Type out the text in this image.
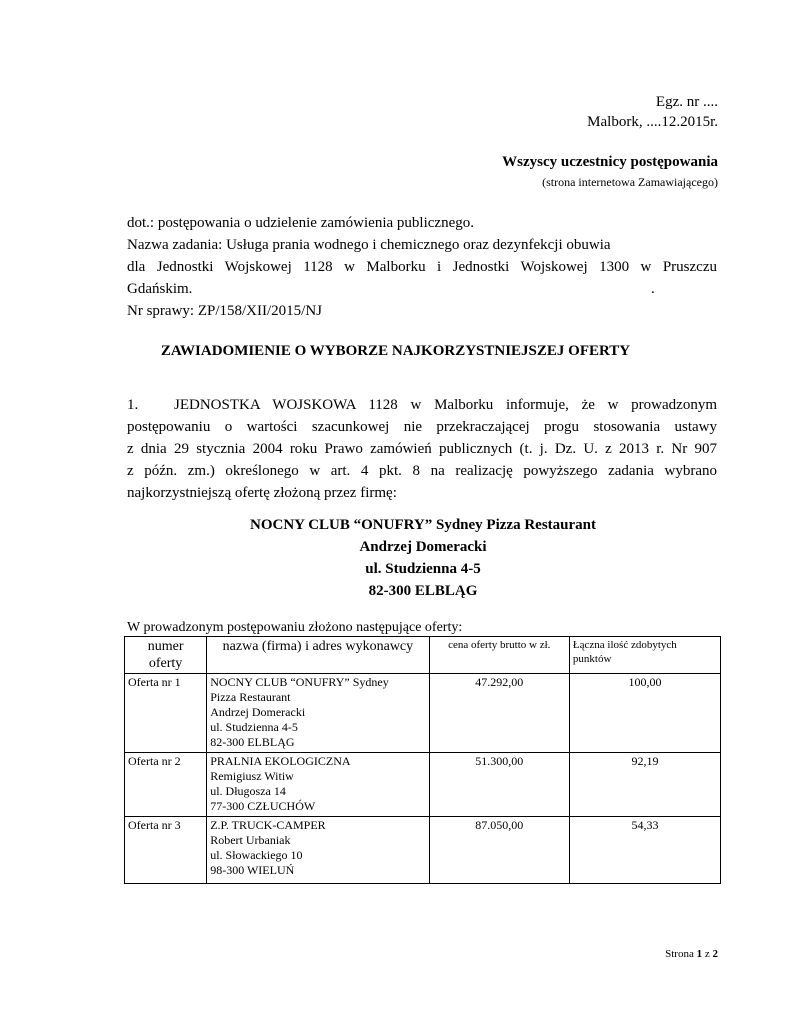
Egz. nr ....
Malbork, ....12.2015r.
Wszyscy uczestnicy postępowania
(strona internetowa Zamawiającego)
dot.: postępowania o udzielenie zamówienia publicznego.
Nazwa zadania: Usługa prania wodnego i chemicznego oraz dezynfekcji obuwia
dla Jednostki Wojskowej 1128 w Malborku i Jednostki Wojskowej 1300 w Pruszczu
Gdańskim.	.
Nr sprawy: ZP/158/XII/2015/NJ
ZAWIADOMIENIE O WYBORZE NAJKORZYSTNIEJSZEJ OFERTY
1.	JEDNOSTKA WOJSKOWA 1128 w Malborku informuje, że w prowadzonym
postępowaniu o wartości szacunkowej nie przekraczającej progu stosowania ustawy
z dnia 29 stycznia 2004 roku Prawo zamówień publicznych (t. j. Dz. U. z 2013 r. Nr 907
z późn. zm.) określonego w art. 4 pkt. 8 na realizację powyższego zadania wybrano
najkorzystniejszą ofertę złożoną przez firmę:
NOCNY CLUB “ONUFRY” Sydney Pizza Restaurant
Andrzej Domeracki
ul. Studzienna 4-5
82-300 ELBLĄG
W prowadzonym postępowaniu złożono następujące oferty:
numer
oferty	nazwa (firma) i adres wykonawcy	cena oferty brutto w zł.	Łączna ilość zdobytych
punktów

Oferta nr 1	NOCNY CLUB “ONUFRY” Sydney
Pizza Restaurant
Andrzej Domeracki
ul. Studzienna 4-5
82-300 ELBLĄG	47.292,00	100,00
Oferta nr 2	PRALNIA EKOLOGICZNA
Remigiusz Witiw
ul. Długosza 14
77-300 CZŁUCHÓW	51.300,00	92,19
Oferta nr 3	Z.P. TRUCK-CAMPER
Robert Urbaniak
ul. Słowackiego 10
98-300 WIELUŃ	87.050,00	54,33
Strona 1 z 2
